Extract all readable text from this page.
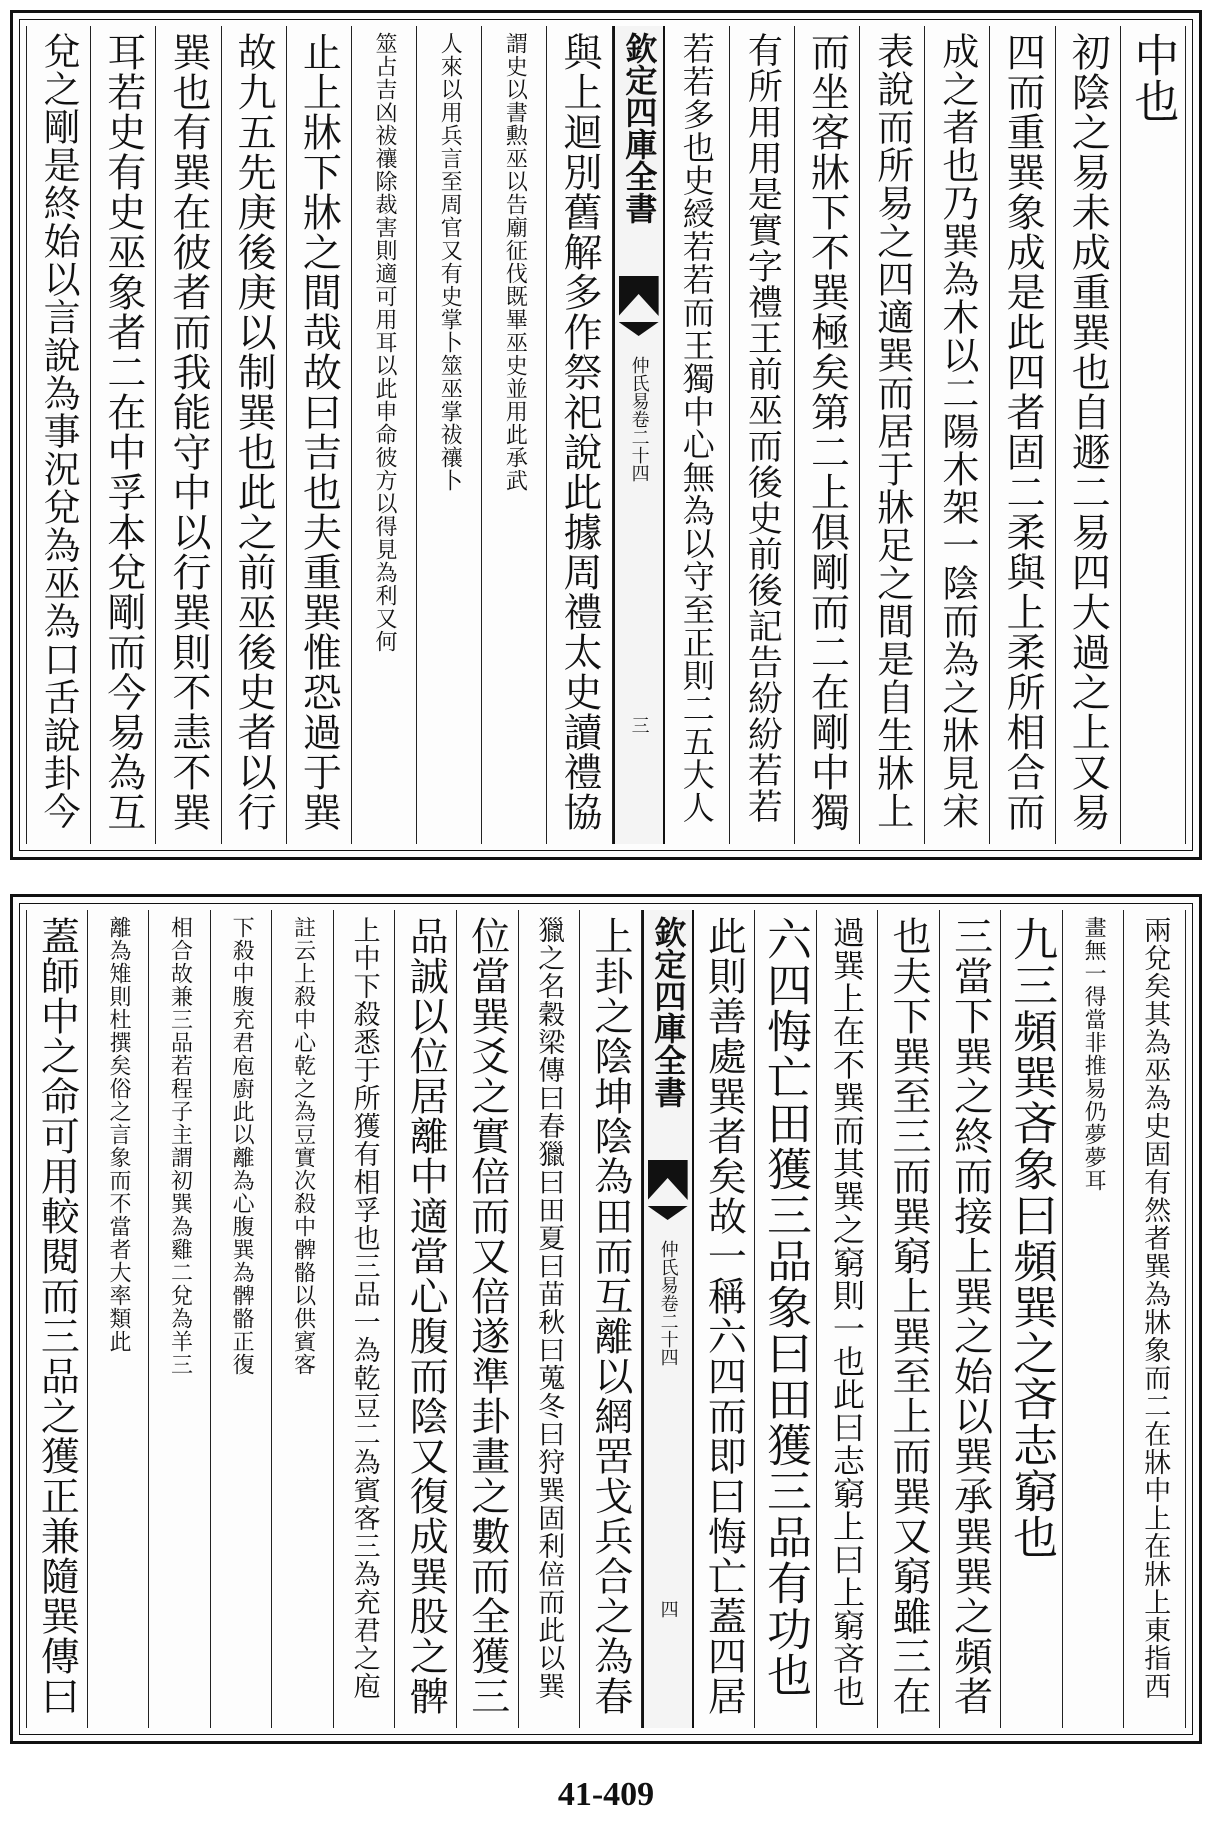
中也
初陰之易未成重巽也自遯二易四大過之上又易
四而重巽象成是此四者固二柔與上柔所相合而
成之者也乃巽為木以二陽木架一陰而為之牀見宋
表說而所易之四適巽而居于牀足之間是自生牀上
而坐客牀下不巽極矣第二上俱剛而二在剛中獨
有所用用是實字禮王前巫而後史前後記告紛紛若若
若若多也史綬若若而王獨中心無為以守至正則二五大人
欽定四庫全書
仲氏易卷二十四
三
與上迴別舊解多作祭祀說此據周禮太史讀禮協
謂史以書勲巫以告廟征伐既畢巫史並用此承武
人來以用兵言至周官又有史掌卜筮巫掌祓禳卜
筮占吉凶祓禳除裁害則適可用耳以此申命彼方以得見為利又何
止上牀下牀之間哉故曰吉也夫重巽惟恐過于巽
故九五先庚後庚以制巽也此之前巫後史者以行
巽也有巽在彼者而我能守中以行巽則不恚不巽
耳若史有史巫象者二在中孚本兌剛而今易為互
兌之剛是終始以言說為事況兌為巫為口舌說卦今
兩兌矣其為巫為史固有然者巽為牀象而二在牀中上在牀上東指西
畫無一得當非推易仍夢夢耳
九三頻巽吝象曰頻巽之吝志窮也
三當下巽之終而接上巽之始以巽承巽巽之頻者
也夫下巽至三而巽窮上巽至上而巽又窮雖三在
過巽上在不巽而其巽之窮則一也此曰志窮上曰上窮吝也
六四悔亡田獲三品象曰田獲三品有功也
此則善處巽者矣故一稱六四而即曰悔亡蓋四居
欽定四庫全書
仲氏易卷二十四
四
上卦之陰坤陰為田而互離以網罟戈兵合之為春
獵之名穀梁傳曰春獵曰田夏曰苗秋曰蒐冬曰狩巽固利倍而此以巽
位當巽爻之實倍而又倍遂準卦畫之數而全獲三
品誠以位居離中適當心腹而陰又復成巽股之髀
上中下殺悉于所獲有相孚也三品一為乾豆二為賓客三為充君之庖
註云上殺中心乾之為豆實次殺中髀骼以供賓客
下殺中腹充君庖廚此以離為心腹巽為髀骼正復
相合故兼三品若程子主謂初巽為雞二兌為羊三
離為雉則杜撰矣俗之言象而不當者大率類此
蓋師中之命可用較閱而三品之獲正兼隨巽傳曰
41-409
